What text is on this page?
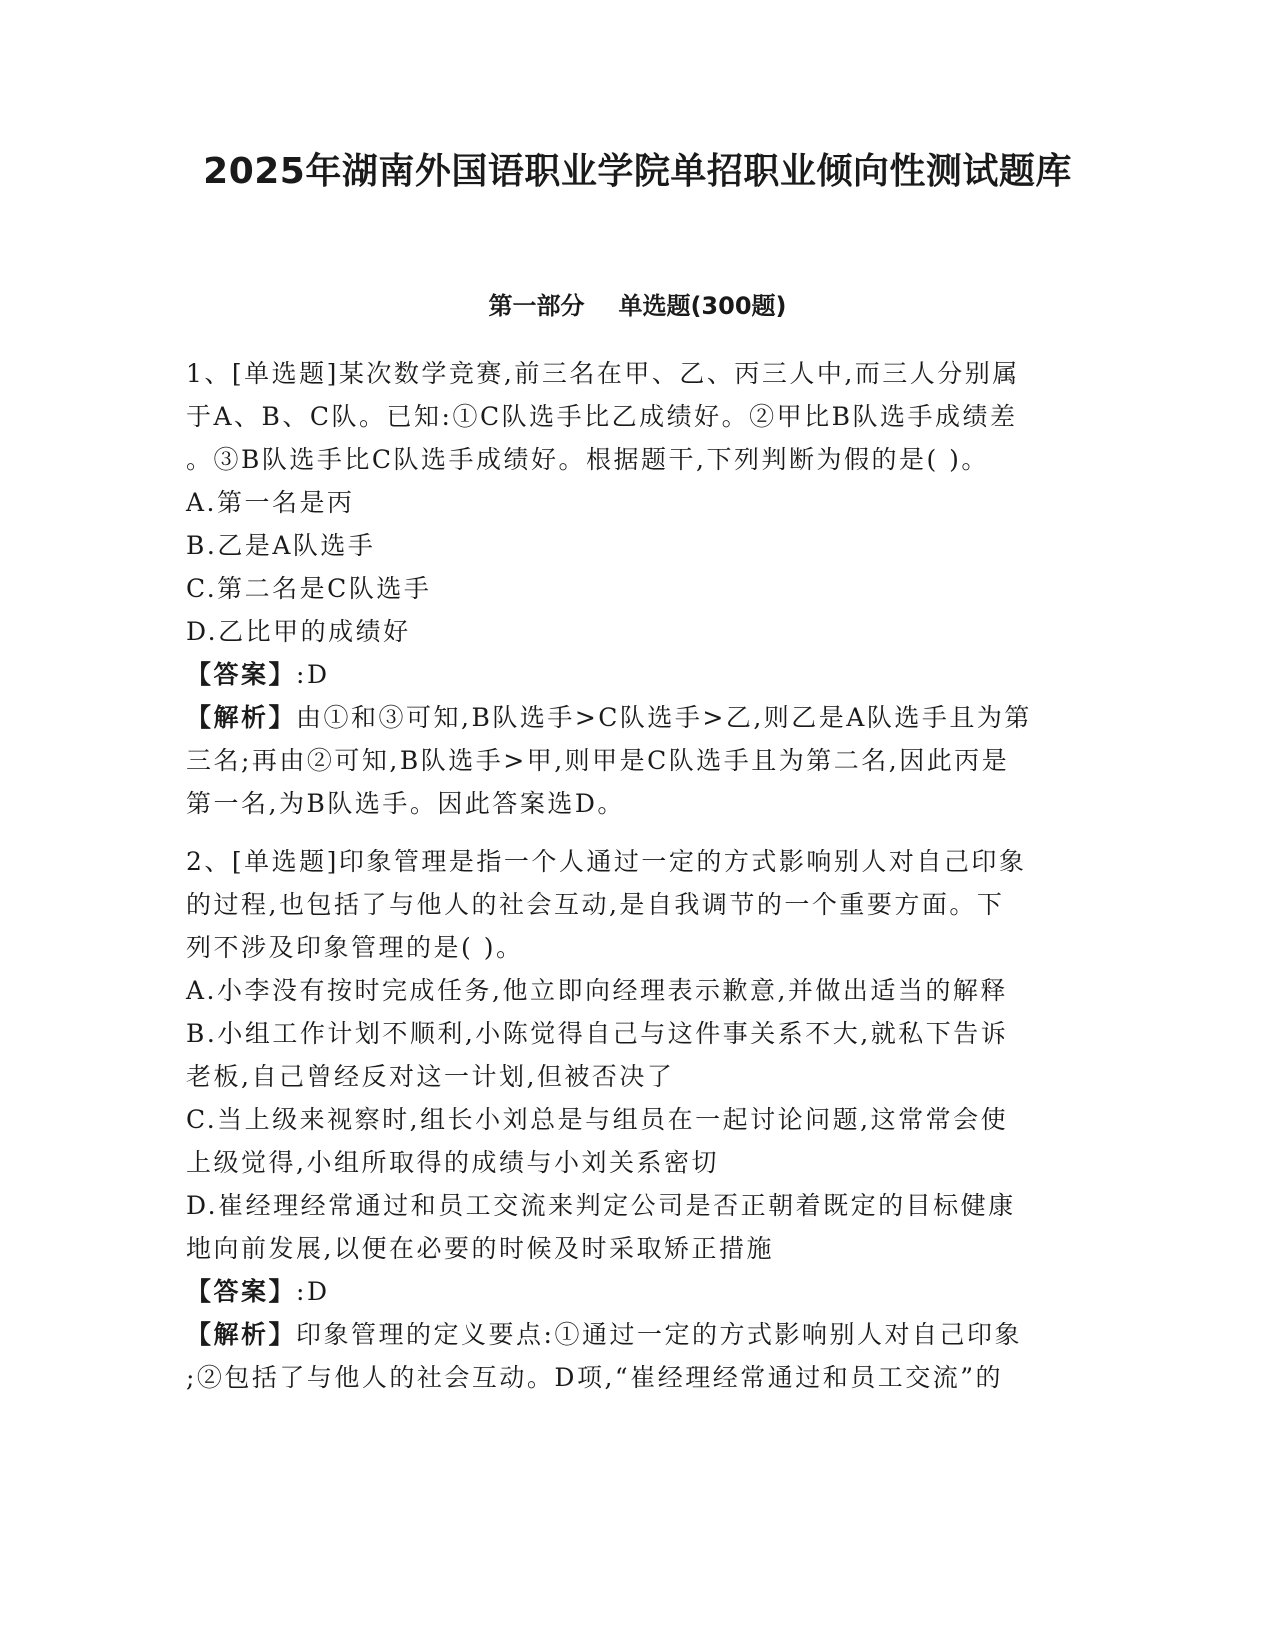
2025年湖南外国语职业学院单招职业倾向性测试题库
第一部分 单选题(300题)
1、[单选题]某次数学竞赛,前三名在甲、乙、丙三人中,而三人分别属
于A、B、C队。已知:①C队选手比乙成绩好。②甲比B队选手成绩差
。③B队选手比C队选手成绩好。根据题干,下列判断为假的是( )。
A.第一名是丙
B.乙是A队选手
C.第二名是C队选手
D.乙比甲的成绩好
【答案】:D
【解析】由①和③可知,B队选手>C队选手>乙,则乙是A队选手且为第
三名;再由②可知,B队选手>甲,则甲是C队选手且为第二名,因此丙是
第一名,为B队选手。因此答案选D。
2、[单选题]印象管理是指一个人通过一定的方式影响别人对自己印象
的过程,也包括了与他人的社会互动,是自我调节的一个重要方面。下
列不涉及印象管理的是( )。
A.小李没有按时完成任务,他立即向经理表示歉意,并做出适当的解释
B.小组工作计划不顺利,小陈觉得自己与这件事关系不大,就私下告诉
老板,自己曾经反对这一计划,但被否决了
C.当上级来视察时,组长小刘总是与组员在一起讨论问题,这常常会使
上级觉得,小组所取得的成绩与小刘关系密切
D.崔经理经常通过和员工交流来判定公司是否正朝着既定的目标健康
地向前发展,以便在必要的时候及时采取矫正措施
【答案】:D
【解析】印象管理的定义要点:①通过一定的方式影响别人对自己印象
;②包括了与他人的社会互动。D项,“崔经理经常通过和员工交流”的
